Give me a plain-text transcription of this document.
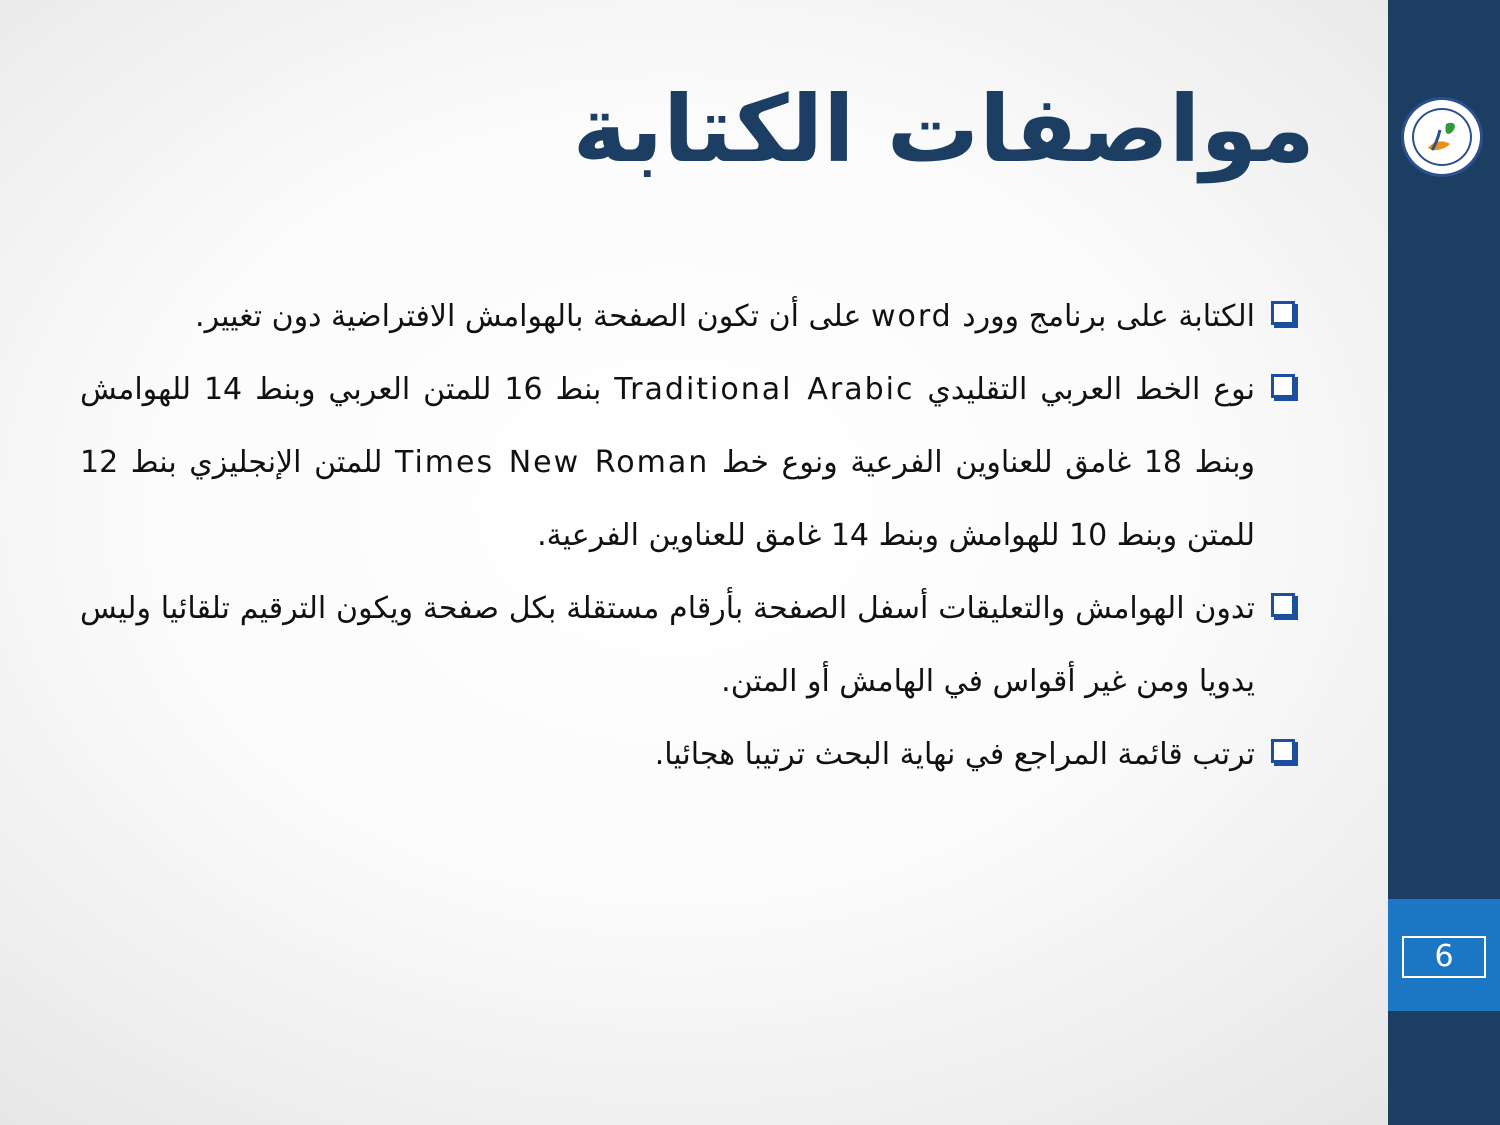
6
مواصفات الكتابة
الكتابة على برنامج وورد word على أن تكون الصفحة بالهوامش الافتراضية دون تغيير.
نوع الخط العربي التقليدي Traditional Arabic بنط 16 للمتن العربي وبنط 14 للهوامش وبنط 18 غامق للعناوين الفرعية ونوع خط Times New Roman للمتن الإنجليزي بنط 12 للمتن وبنط 10 للهوامش وبنط 14 غامق للعناوين الفرعية.
تدون الهوامش والتعليقات أسفل الصفحة بأرقام مستقلة بكل صفحة ويكون الترقيم تلقائيا وليس يدويا ومن غير أقواس في الهامش أو المتن.
ترتب قائمة المراجع في نهاية البحث ترتيبا هجائيا.
